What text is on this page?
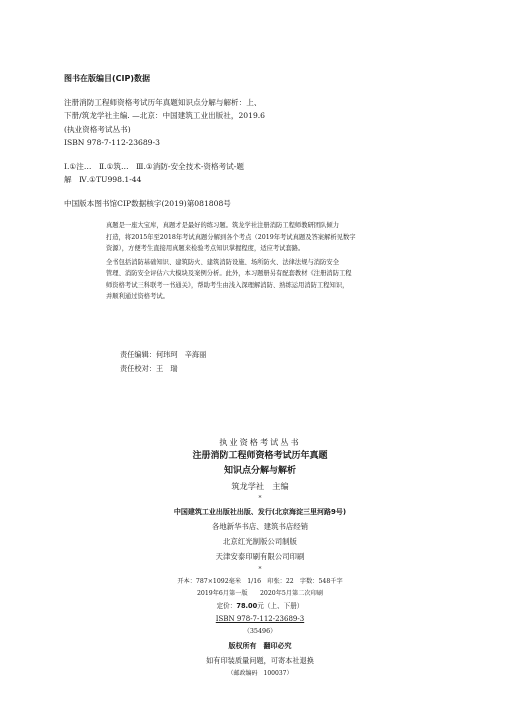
图书在版编目(CIP)数据
注册消防工程师资格考试历年真题知识点分解与解析：上、
下册/筑龙学社主编. —北京：中国建筑工业出版社，2019.6
(执业资格考试丛书)
ISBN 978-7-112-23689-3
Ⅰ.①注…　Ⅱ.①筑…　Ⅲ.①消防-安全技术-资格考试-题
解　Ⅳ.①TU998.1-44
中国版本图书馆CIP数据核字(2019)第081808号
真题是一座大宝库，真题才是最好的练习题。筑龙学社注册消防工程师教研团队倾力
打造，将2015年至2018年考试真题分解到各个考点（2019年考试真题及答案解析见数字
资源），方便考生直接用真题来检验考点知识掌握程度，适应考试套路。
全书包括消防基础知识、建筑防火、建筑消防设施、场所防火、法律法规与消防安全
管理、消防安全评估六大模块及案例分析。此外，本习题册另有配套教材《注册消防工程
师资格考试三科联考一书通关》，帮助考生由浅入深理解消防、熟练运用消防工程知识，
并顺利通过资格考试。
责任编辑：何玮珂　辛海丽
责任校对：王　瑞
执业资格考试丛书
注册消防工程师资格考试历年真题
知识点分解与解析
筑龙学社　主编
*
中国建筑工业出版社出版、发行(北京海淀三里河路9号)
各地新华书店、建筑书店经销
北京红光制版公司制版
天津安泰印刷有限公司印刷
*
开本：787×1092毫米　1/16　印张：22　字数：548千字
2019年6月第一版　　2020年5月第二次印刷
定价：78.00元（上、下册）
ISBN 978-7-112-23689-3
（35496）
版权所有　翻印必究
如有印装质量问题，可寄本社退换
（邮政编码　100037）
